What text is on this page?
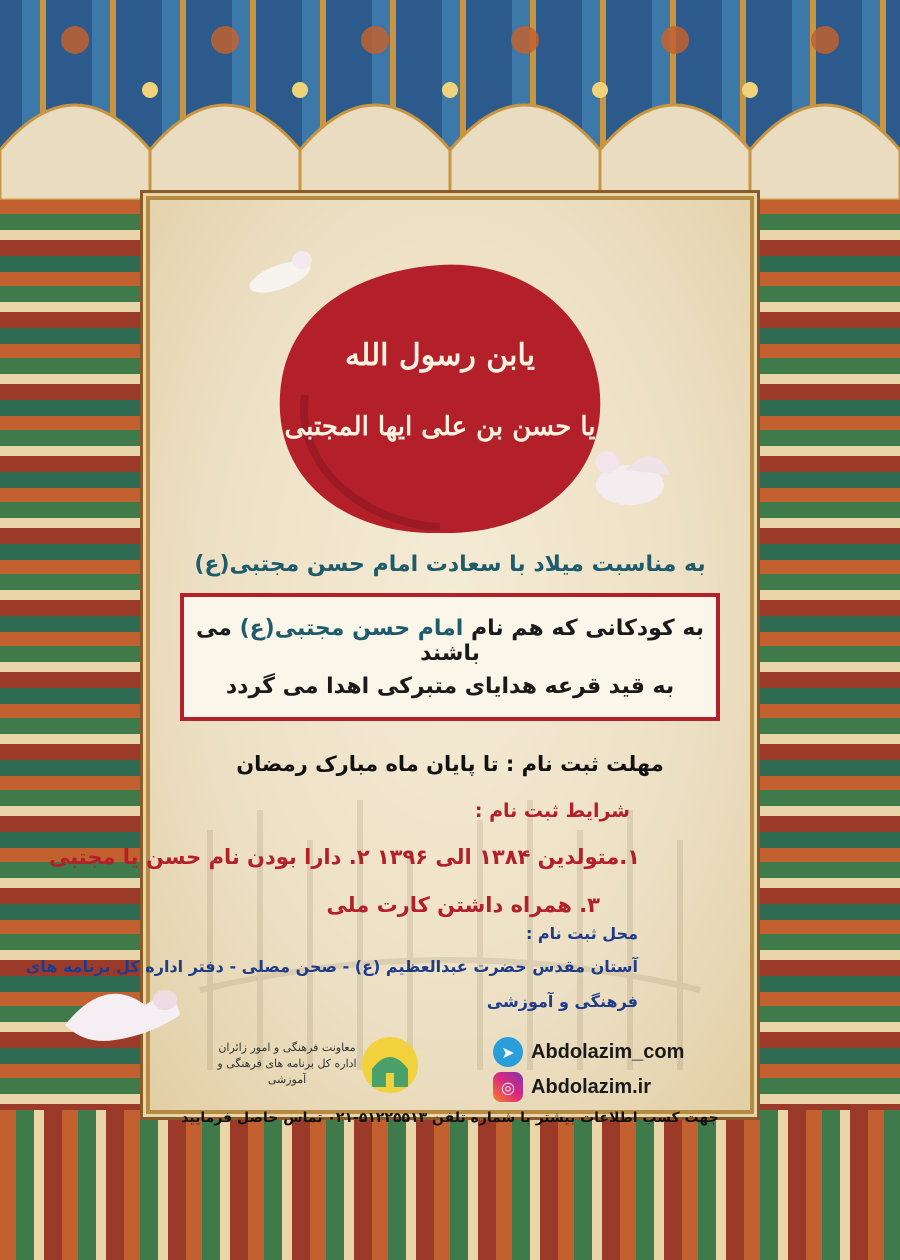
یابن رسول الله
یا حسن بن علی ایها المجتبی
به مناسبت میلاد با سعادت امام حسن مجتبی(ع)

به کودکانی که هم نام امام حسن مجتبی(ع) می باشند

به قید قرعه هدایای متبرکی اهدا می گردد

مهلت ثبت نام : تا پایان ماه مبارک رمضان
شرایط ثبت نام :
۱.متولدین ۱۳۸۴ الی ۱۳۹۶ ۲. دارا بودن نام حسن یا مجتبی
۳. همراه داشتن کارت ملی
محل ثبت نام :
آستان مقدس حضرت عبدالعظیم (ع) - صحن مصلی - دفتر اداره کل برنامه های
فرهنگی و آموزشی
معاونت فرهنگی و امور زائران
اداره کل برنامه های فرهنگی و آموزشی
➤ Abdolazim_com
◎ Abdolazim.ir
جهت کسب اطلاعات بیشتر با شماره تلفن ۵۱۲۲۵۵۱۳-۰۲۱ تماس حاصل فرمایید
